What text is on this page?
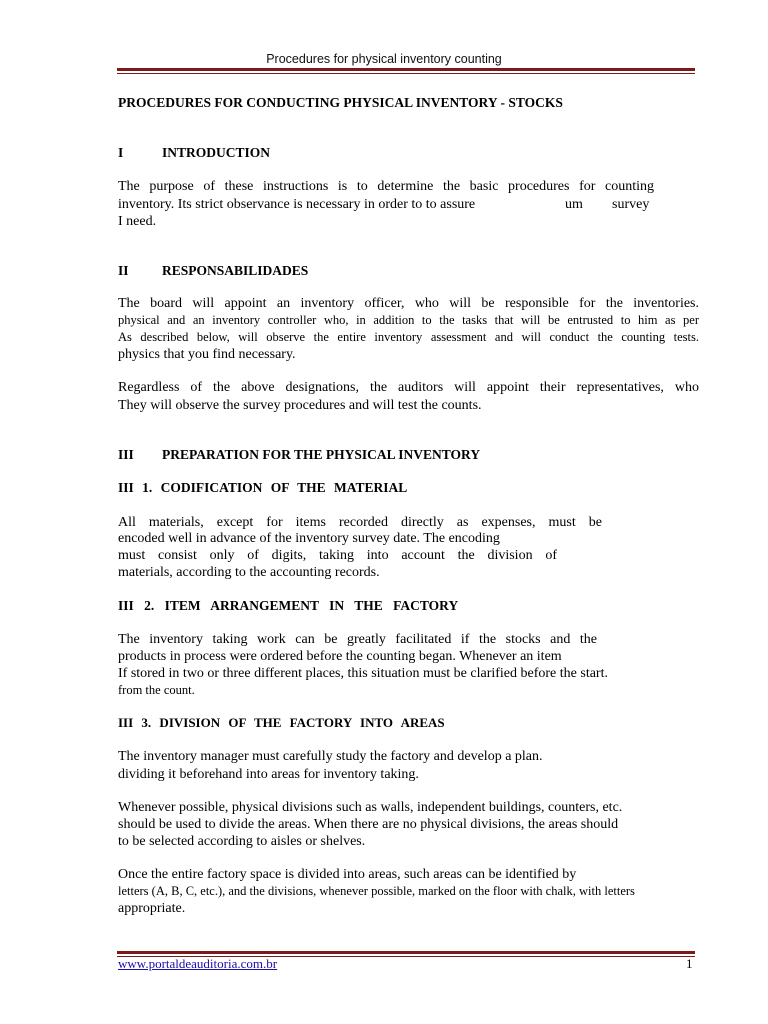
Procedures for physical inventory counting

PROCEDURES FOR CONDUCTING PHYSICAL INVENTORY - STOCKS

I	INTRODUCTION

The purpose of these instructions is to determine the basic procedures for counting

inventory. Its strict observance is necessary in order to to assure	um survey

I need.

II RESPONSABILIDADES

The board will appoint an inventory officer, who will be responsible for the inventories.

physical and an inventory controller who, in addition to the tasks that will be entrusted to him as per

As described below, will observe the entire inventory assessment and will conduct the counting tests.

physics that you find necessary.

Regardless of the above designations, the auditors will appoint their representatives, who

They will observe the survey procedures and will test the counts.

III PREPARATION FOR THE PHYSICAL INVENTORY

III 1. CODIFICATION OF THE MATERIAL

All materials, except for items recorded directly as expenses, must be

encoded well in advance of the inventory survey date. The encoding

must consist only of digits, taking into account the division of

materials, according to the accounting records.

III 2. ITEM ARRANGEMENT IN THE FACTORY

The inventory taking work can be greatly facilitated if the stocks and the

products in process were ordered before the counting began. Whenever an item

If stored in two or three different places, this situation must be clarified before the start.

from the count.

III 3. DIVISION OF THE FACTORY INTO AREAS

The inventory manager must carefully study the factory and develop a plan.

dividing it beforehand into areas for inventory taking.

Whenever possible, physical divisions such as walls, independent buildings, counters, etc.

should be used to divide the areas. When there are no physical divisions, the areas should

to be selected according to aisles or shelves.

Once the entire factory space is divided into areas, such areas can be identified by

letters (A, B, C, etc.), and the divisions, whenever possible, marked on the floor with chalk, with letters

appropriate.

www.portaldeauditoria.com.br	1
